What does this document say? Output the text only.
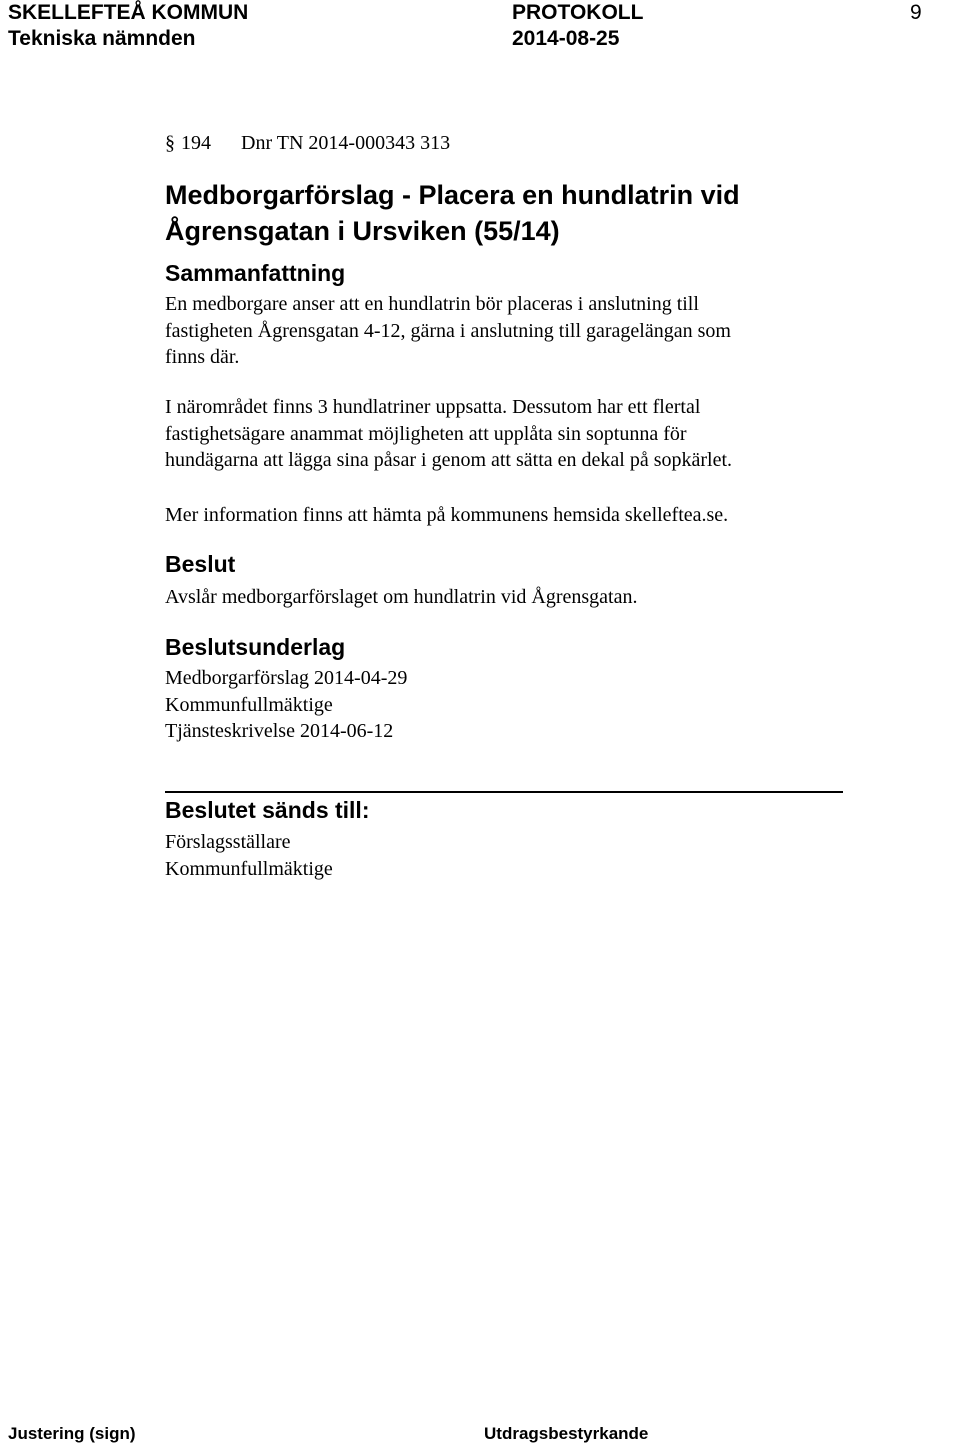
SKELLEFTEÅ KOMMUN	PROTOKOLL	9
Tekniska nämnden	2014-08-25
§ 194 Dnr TN 2014-000343 313
Medborgarförslag - Placera en hundlatrin vid
Ågrensgatan i Ursviken (55/14)
Sammanfattning
En medborgare anser att en hundlatrin bör placeras i anslutning till
fastigheten Ågrensgatan 4-12, gärna i anslutning till garagelängan som
finns där.
I närområdet finns 3 hundlatriner uppsatta. Dessutom har ett flertal
fastighetsägare anammat möjligheten att upplåta sin soptunna för
hundägarna att lägga sina påsar i genom att sätta en dekal på sopkärlet.
Mer information finns att hämta på kommunens hemsida skelleftea.se.
Beslut
Avslår medborgarförslaget om hundlatrin vid Ågrensgatan.
Beslutsunderlag
Medborgarförslag 2014-04-29
Kommunfullmäktige
Tjänsteskrivelse 2014-06-12
Beslutet sänds till:
Förslagsställare
Kommunfullmäktige
Justering (sign)	Utdragsbestyrkande
